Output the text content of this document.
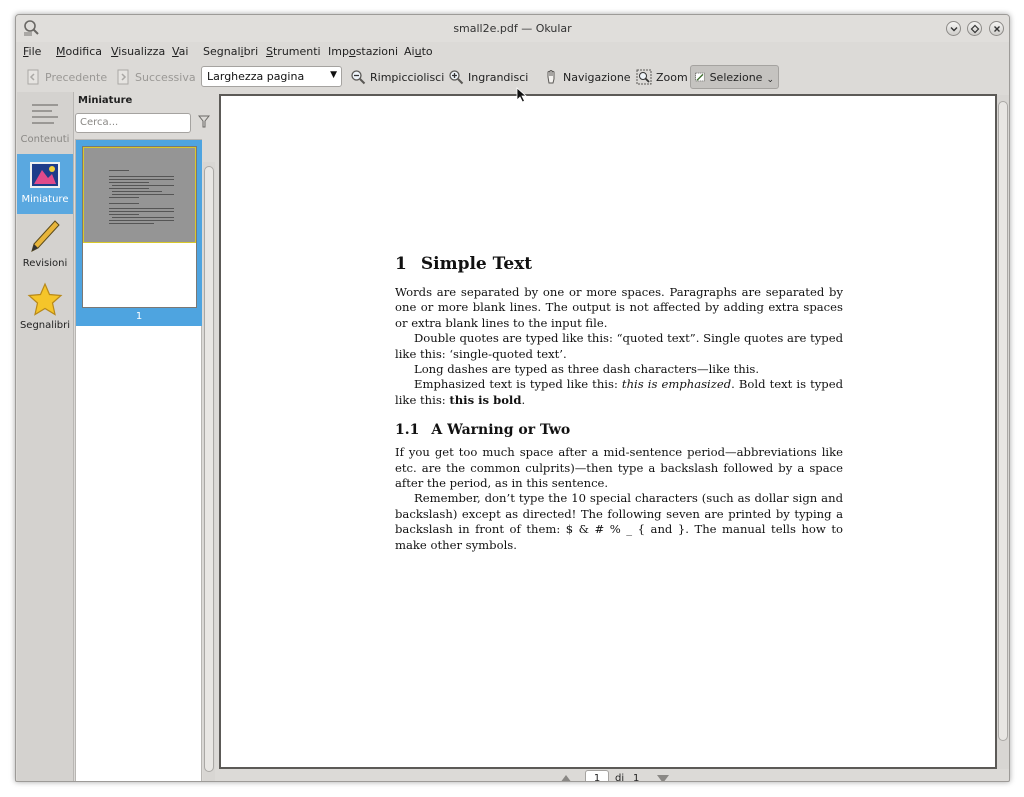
small2e.pdf — Okular
File Modifica Visualizza Vai Segnalibri Strumenti Impostazioni Aiuto
Precedente	Successiva	Larghezza pagina	▼	Rimpicciolisci Ingrandisci	Navigazione Zoom Selezione ⌄
Contenuti
Miniature
Revisioni
Segnalibri
Miniature
Cerca...
1
1 Simple Text

Words are separated by one or more spaces. Paragraphs are separated by one or more blank lines. The output is not affected by adding extra spaces or extra blank lines to the input file.

Double quotes are typed like this: “quoted text”. Single quotes are typed like this: ‘single-quoted text’.

Long dashes are typed as three dash characters—like this.

Emphasized text is typed like this: this is emphasized. Bold text is typed like this: this is bold.

1.1 A Warning or Two

If you get too much space after a mid-sentence period—abbreviations like etc. are the common culprits)—then type a backslash followed by a space after the period, as in this sentence.

Remember, don’t type the 10 special characters (such as dollar sign and backslash) except as directed! The following seven are printed by typing a backslash in front of them: $ & # % _ { and }. The manual tells how to make other symbols.

1	di 1
